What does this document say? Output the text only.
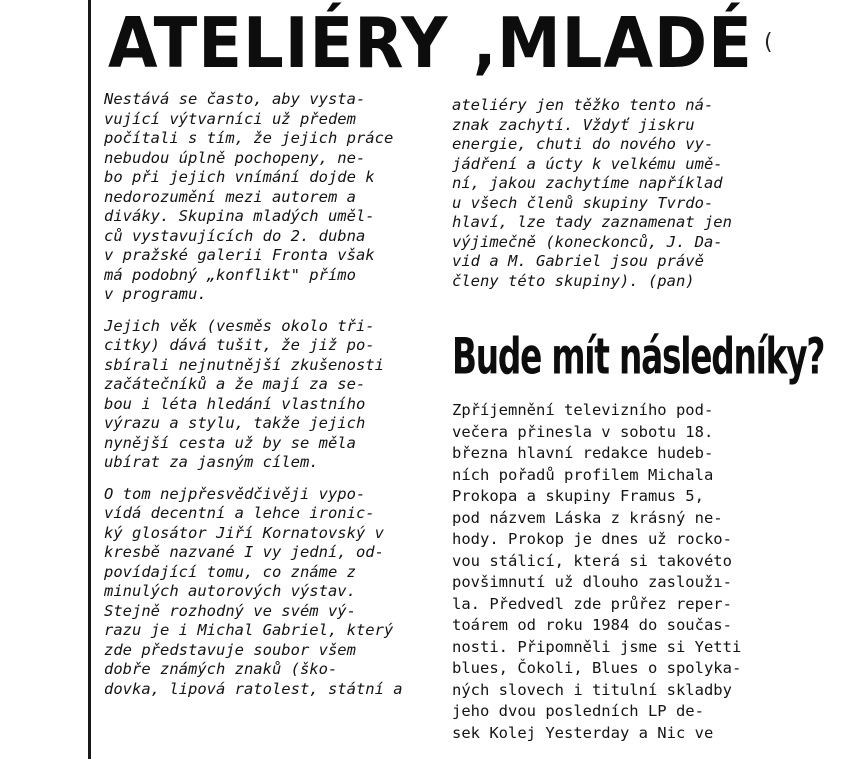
ATELIÉRY ‚MLADÉ (
Nestává se často, aby vysta-
vující výtvarníci už předem
počítali s tím, že jejich práce
nebudou úplně pochopeny, ne-
bo při jejich vnímání dojde k
nedorozumění mezi autorem a
diváky. Skupina mladých uměl-
ců vystavujících do 2. dubna
v pražské galerii Fronta však
má podobný „konflikt" přímo
v programu.
Jejich věk (vesměs okolo tři-
citky) dává tušit, že již po-
sbírali nejnutnější zkušenosti
začátečníků a že mají za se-
bou i léta hledání vlastního
výrazu a stylu, takže jejich
nynější cesta už by se měla
ubírat za jasným cílem.
O tom nejpřesvědčivěji vypo-
vídá decentní a lehce ironic-
ký glosátor Jiří Kornatovský v
kresbě nazvané I vy jední, od-
povídající tomu, co známe z
minulých autorových výstav.
Stejně rozhodný ve svém vý-
razu je i Michal Gabriel, který
zde představuje soubor všem
dobře známých znaků (ško-
dovka, lipová ratolest, státní a
ateliéry jen těžko tento ná-
znak zachytí. Vždyť jiskru
energie, chuti do nového vy-
jádření a úcty k velkému umě-
ní, jakou zachytíme například
u všech členů skupiny Tvrdo-
hlaví, lze tady zaznamenat jen
výjimečně (koneckonců, J. Da-
vid a M. Gabriel jsou právě
členy této skupiny). (pan)
Bude mít následníky?
Zpříjemnění televizního pod-
večera přinesla v sobotu 18.
března hlavní redakce hudeb-
ních pořadů profilem Michala
Prokopa a skupiny Framus 5,
pod názvem Láska z krásný ne-
hody. Prokop je dnes už rocko-
vou stálicí, která si takovéto
povšimnutí už dlouho zasloužı-
la. Předvedl zde průřez reper-
toárem od roku 1984 do součas-
nosti. Připomněli jsme si Yetti
blues, Čokoli, Blues o spolyka-
ných slovech i titulní skladby
jeho dvou posledních LP de-
sek Kolej Yesterday a Nic ve
